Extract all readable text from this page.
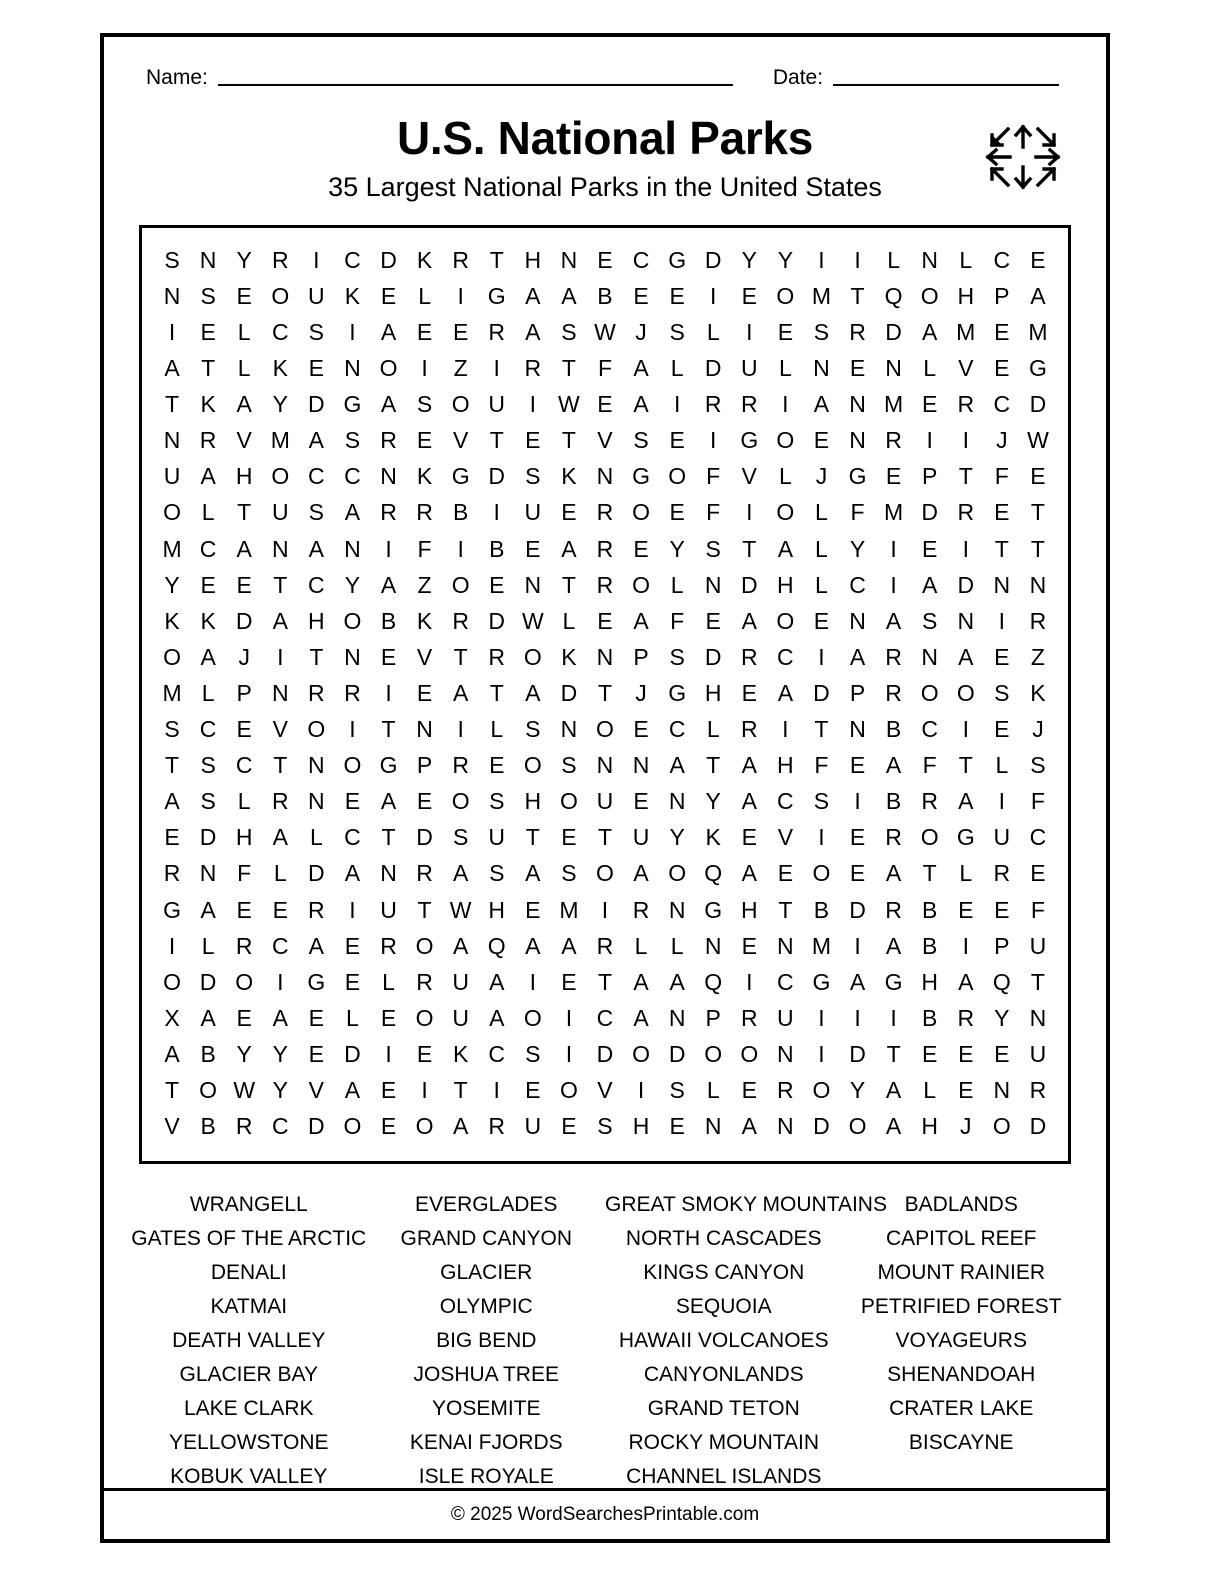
Name:	Date:
U.S. National Parks
35 Largest National Parks in the United States
S	N	Y	R	I	C	D	K	R	T	H	N	E	C	G	D	Y	Y	I	I	L	N	L	C	E
N	S	E	O	U	K	E	L	I	G	A	A	B	E	E	I	E	O	M	T	Q	O	H	P	A
I	E	L	C	S	I	A	E	E	R	A	S	W	J	S	L	I	E	S	R	D	A	M	E	M
A	T	L	K	E	N	O	I	Z	I	R	T	F	A	L	D	U	L	N	E	N	L	V	E	G
T	K	A	Y	D	G	A	S	O	U	I	W	E	A	I	R	R	I	A	N	M	E	R	C	D
N	R	V	M	A	S	R	E	V	T	E	T	V	S	E	I	G	O	E	N	R	I	I	J	W
U	A	H	O	C	C	N	K	G	D	S	K	N	G	O	F	V	L	J	G	E	P	T	F	E
O	L	T	U	S	A	R	R	B	I	U	E	R	O	E	F	I	O	L	F	M	D	R	E	T
M	C	A	N	A	N	I	F	I	B	E	A	R	E	Y	S	T	A	L	Y	I	E	I	T	T
Y	E	E	T	C	Y	A	Z	O	E	N	T	R	O	L	N	D	H	L	C	I	A	D	N	N
K	K	D	A	H	O	B	K	R	D	W	L	E	A	F	E	A	O	E	N	A	S	N	I	R
O	A	J	I	T	N	E	V	T	R	O	K	N	P	S	D	R	C	I	A	R	N	A	E	Z
M	L	P	N	R	R	I	E	A	T	A	D	T	J	G	H	E	A	D	P	R	O	O	S	K
S	C	E	V	O	I	T	N	I	L	S	N	O	E	C	L	R	I	T	N	B	C	I	E	J
T	S	C	T	N	O	G	P	R	E	O	S	N	N	A	T	A	H	F	E	A	F	T	L	S
A	S	L	R	N	E	A	E	O	S	H	O	U	E	N	Y	A	C	S	I	B	R	A	I	F
E	D	H	A	L	C	T	D	S	U	T	E	T	U	Y	K	E	V	I	E	R	O	G	U	C
R	N	F	L	D	A	N	R	A	S	A	S	O	A	O	Q	A	E	O	E	A	T	L	R	E
G	A	E	E	R	I	U	T	W	H	E	M	I	R	N	G	H	T	B	D	R	B	E	E	F
I	L	R	C	A	E	R	O	A	Q	A	A	R	L	L	N	E	N	M	I	A	B	I	P	U
O	D	O	I	G	E	L	R	U	A	I	E	T	A	A	Q	I	C	G	A	G	H	A	Q	T
X	A	E	A	E	L	E	O	U	A	O	I	C	A	N	P	R	U	I	I	I	B	R	Y	N
A	B	Y	Y	E	D	I	E	K	C	S	I	D	O	D	O	O	N	I	D	T	E	E	E	U
T	O	W	Y	V	A	E	I	T	I	E	O	V	I	S	L	E	R	O	Y	A	L	E	N	R
V	B	R	C	D	O	E	O	A	R	U	E	S	H	E	N	A	N	D	O	A	H	J	O	D
WRANGELL	EVERGLADES	GREAT SMOKY MOUNTAINS	BADLANDS
GATES OF THE ARCTIC	GRAND CANYON	NORTH CASCADES	CAPITOL REEF
DENALI	GLACIER	KINGS CANYON	MOUNT RAINIER
KATMAI	OLYMPIC	SEQUOIA	PETRIFIED FOREST
DEATH VALLEY	BIG BEND	HAWAII VOLCANOES	VOYAGEURS
GLACIER BAY	JOSHUA TREE	CANYONLANDS	SHENANDOAH
LAKE CLARK	YOSEMITE	GRAND TETON	CRATER LAKE
YELLOWSTONE	KENAI FJORDS	ROCKY MOUNTAIN	BISCAYNE
KOBUK VALLEY	ISLE ROYALE	CHANNEL ISLANDS	
© 2025 WordSearchesPrintable.com
